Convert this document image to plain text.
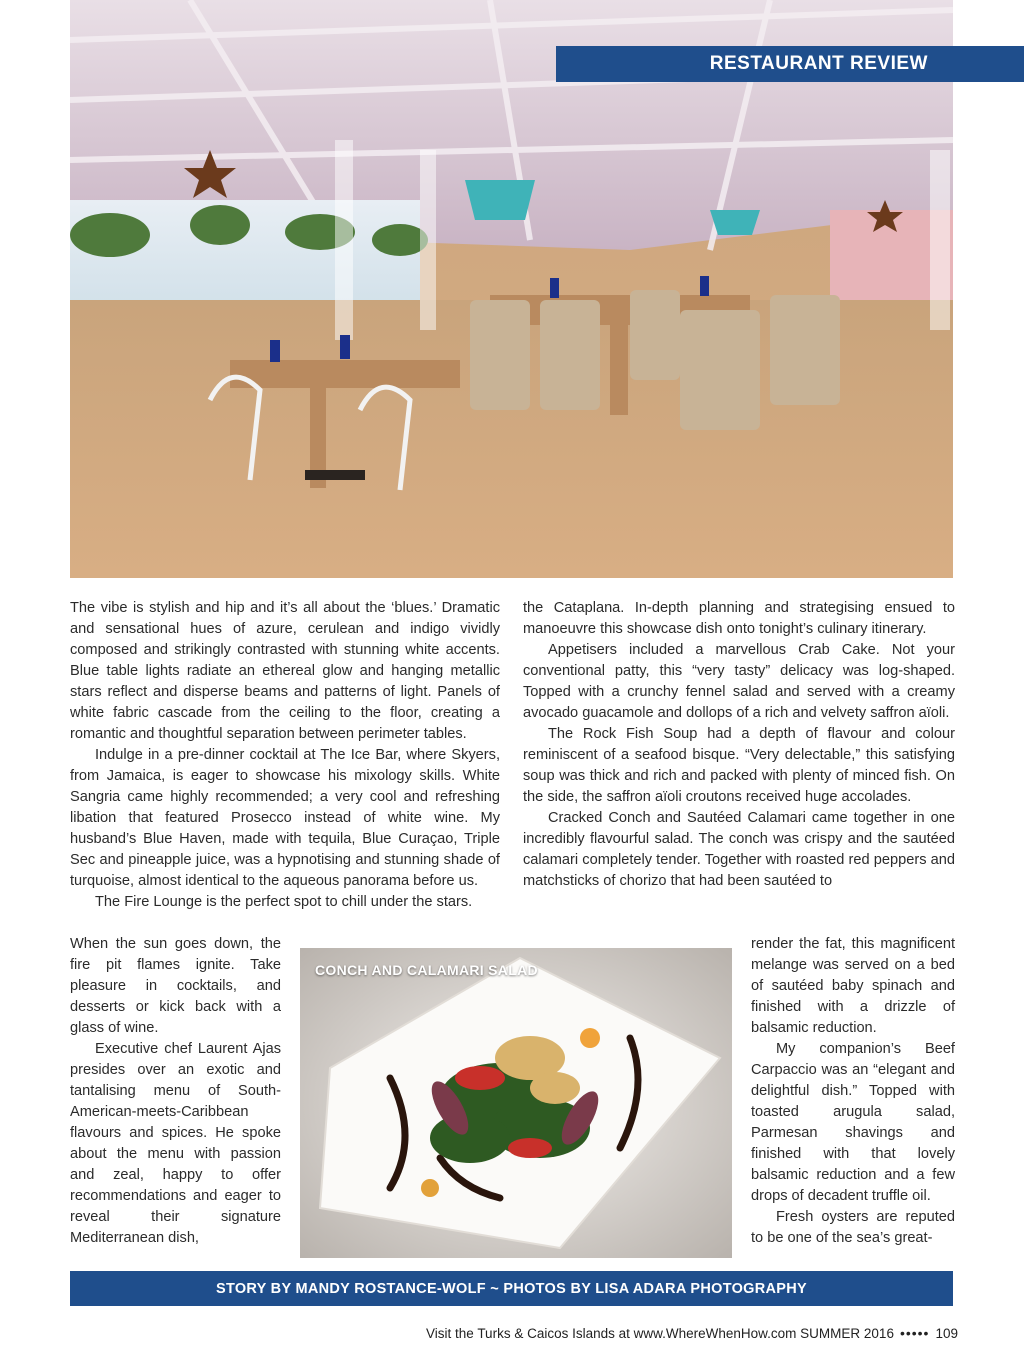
RESTAURANT REVIEW

The vibe is stylish and hip and it’s all about the ‘blues.’ Dramatic and sensational hues of azure, cerulean and indigo vividly composed and strikingly contrasted with stunning white accents. Blue table lights radiate an ethereal glow and hanging metallic stars reflect and disperse beams and patterns of light. Panels of white fabric cascade from the ceiling to the floor, creating a romantic and thoughtful separation between perimeter tables.

Indulge in a pre-dinner cocktail at The Ice Bar, where Skyers, from Jamaica, is eager to showcase his mixology skills. White Sangria came highly recommended; a very cool and refreshing libation that featured Prosecco instead of white wine. My husband’s Blue Haven, made with tequila, Blue Curaçao, Triple Sec and pineapple juice, was a hypnotising and stunning shade of turquoise, almost identical to the aqueous panorama before us.

The Fire Lounge is the perfect spot to chill under the stars.

When the sun goes down, the fire pit flames ignite. Take pleasure in cocktails, and desserts or kick back with a glass of wine.

Executive chef Laurent Ajas presides over an exotic and tantalising menu of South-American-meets-Caribbean flavours and spices. He spoke about the menu with passion and zeal, happy to offer recommendations and eager to reveal their signature Mediterranean dish,

the Cataplana. In-depth planning and strategising ensued to manoeuvre this showcase dish onto tonight’s culinary itinerary.

Appetisers included a marvellous Crab Cake. Not your conventional patty, this “very tasty” delicacy was log-shaped. Topped with a crunchy fennel salad and served with a creamy avocado guacamole and dollops of a rich and velvety saffron aïoli.

The Rock Fish Soup had a depth of flavour and colour reminiscent of a seafood bisque. “Very delectable,” this satisfying soup was thick and rich and packed with plenty of minced fish. On the side, the saffron aïoli croutons received huge accolades.

Cracked Conch and Sautéed Calamari came together in one incredibly flavourful salad. The conch was crispy and the sautéed calamari completely tender. Together with roasted red peppers and matchsticks of chorizo that had been sautéed to

render the fat, this magnificent melange was served on a bed of sautéed baby spinach and finished with a drizzle of balsamic reduction.

My companion’s Beef Carpaccio was an “elegant and delightful dish.” Topped with toasted arugula salad, Parmesan shavings and finished with that lovely balsamic reduction and a few drops of decadent truffle oil.

Fresh oysters are reputed to be one of the sea’s great-

CONCH AND CALAMARI SALAD
STORY BY MANDY ROSTANCE-WOLF ~ PHOTOS BY LISA ADARA PHOTOGRAPHY
Visit the Turks & Caicos Islands at www.WhereWhenHow.com SUMMER 2016 ••••• 109
